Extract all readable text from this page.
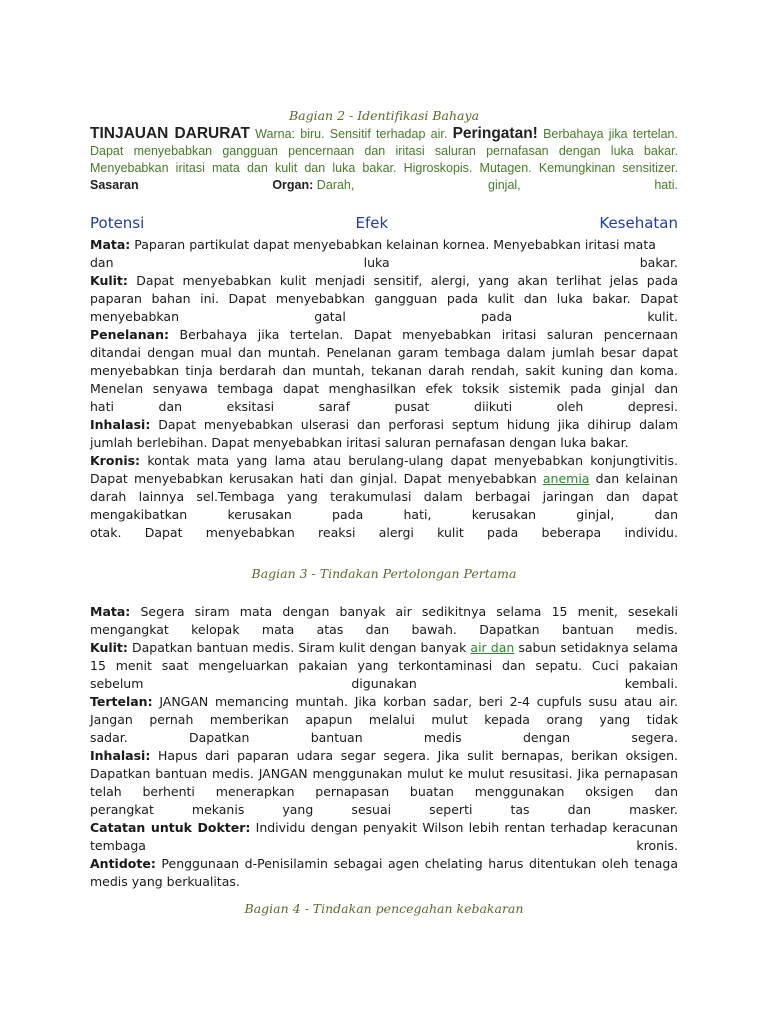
Bagian 2 - Identifikasi Bahaya

TINJAUAN DARURAT Warna: biru. Sensitif terhadap air. Peringatan! Berbahaya jika tertelan.

Dapat menyebabkan gangguan pencernaan dan iritasi saluran pernafasan dengan luka bakar.

Menyebabkan iritasi mata dan kulit dan luka bakar. Higroskopis. Mutagen. Kemungkinan sensitizer.

Sasaran	Organ: Darah,	ginjal,	hati.
Potensi	Efek	Kesehatan
Mata: Paparan partikulat dapat menyebabkan kelainan kornea. Menyebabkan iritasi mata
dan	luka	bakar.
Kulit: Dapat menyebabkan kulit menjadi sensitif, alergi, yang akan terlihat jelas pada paparan bahan ini. Dapat menyebabkan gangguan pada kulit dan luka bakar. Dapat
menyebabkan	gatal	pada	kulit.
Penelanan: Berbahaya jika tertelan. Dapat menyebabkan iritasi saluran pencernaan ditandai dengan mual dan muntah. Penelanan garam tembaga dalam jumlah besar dapat menyebabkan tinja berdarah dan muntah, tekanan darah rendah, sakit kuning dan koma. Menelan senyawa tembaga dapat menghasilkan efek toksik sistemik pada ginjal dan
hati	dan	eksitasi	saraf	pusat	diikuti	oleh	depresi.
Inhalasi: Dapat menyebabkan ulserasi dan perforasi septum hidung jika dihirup dalam jumlah berlebihan. Dapat menyebabkan iritasi saluran pernafasan dengan luka bakar.
Kronis: kontak mata yang lama atau berulang-ulang dapat menyebabkan konjungtivitis. Dapat menyebabkan kerusakan hati dan ginjal. Dapat menyebabkan anemia dan kelainan darah lainnya sel.Tembaga yang terakumulasi dalam berbagai jaringan dan dapat mengakibatkan kerusakan pada hati, kerusakan ginjal, dan
otak. Dapat menyebabkan reaksi alergi kulit pada beberapa individu.
Bagian 3 - Tindakan Pertolongan Pertama
Mata: Segera siram mata dengan banyak air sedikitnya selama 15 menit, sesekali
mengangkat kelopak mata atas dan bawah. Dapatkan bantuan medis.
Kulit: Dapatkan bantuan medis. Siram kulit dengan banyak air dan sabun setidaknya selama 15 menit saat mengeluarkan pakaian yang terkontaminasi dan sepatu. Cuci pakaian
sebelum	digunakan	kembali.
Tertelan: JANGAN memancing muntah. Jika korban sadar, beri 2-4 cupfuls susu atau air. Jangan pernah memberikan apapun melalui mulut kepada orang yang tidak
sadar.	Dapatkan	bantuan	medis	dengan	segera.
Inhalasi: Hapus dari paparan udara segar segera. Jika sulit bernapas, berikan oksigen. Dapatkan bantuan medis. JANGAN menggunakan mulut ke mulut resusitasi. Jika pernapasan telah berhenti menerapkan pernapasan buatan menggunakan oksigen dan
perangkat	mekanis	yang	sesuai	seperti	tas	dan	masker.
Catatan untuk Dokter: Individu dengan penyakit Wilson lebih rentan terhadap keracunan
tembaga	kronis.
Antidote: Penggunaan d-Penisilamin sebagai agen chelating harus ditentukan oleh tenaga medis yang berkualitas.
Bagian 4 - Tindakan pencegahan kebakaran
